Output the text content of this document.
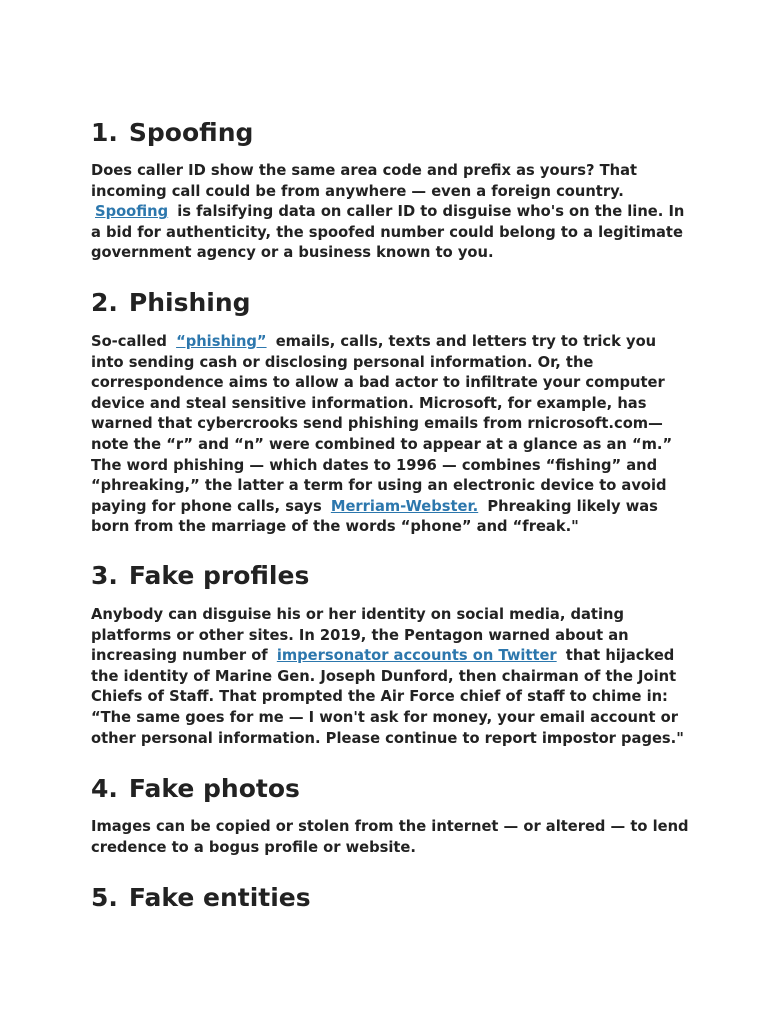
1. Spoofing

Does caller ID show the same area code and prefix as yours? That incoming call could be from anywhere — even a foreign country. Spoofing is falsifying data on caller ID to disguise who's on the line. In a bid for authenticity, the spoofed number could belong to a legitimate government agency or a business known to you.

2. Phishing

So-called “phishing” emails, calls, texts and letters try to trick you into sending cash or disclosing personal information. Or, the correspondence aims to allow a bad actor to infiltrate your computer device and steal sensitive information. Microsoft, for example, has warned that cybercrooks send phishing emails from rnicrosoft.com—note the “r” and “n” were combined to appear at a glance as an “m.” The word phishing — which dates to 1996 — combines “fishing” and “phreaking,” the latter a term for using an electronic device to avoid paying for phone calls, says Merriam-Webster. Phreaking likely was born from the marriage of the words “phone” and “freak."

3. Fake profiles

Anybody can disguise his or her identity on social media, dating platforms or other sites. In 2019, the Pentagon warned about an increasing number of impersonator accounts on Twitter that hijacked the identity of Marine Gen. Joseph Dunford, then chairman of the Joint Chiefs of Staff. That prompted the Air Force chief of staff to chime in: “The same goes for me — I won't ask for money, your email account or other personal information. Please continue to report impostor pages."

4. Fake photos

Images can be copied or stolen from the internet — or altered — to lend credence to a bogus profile or website.

5. Fake entities
